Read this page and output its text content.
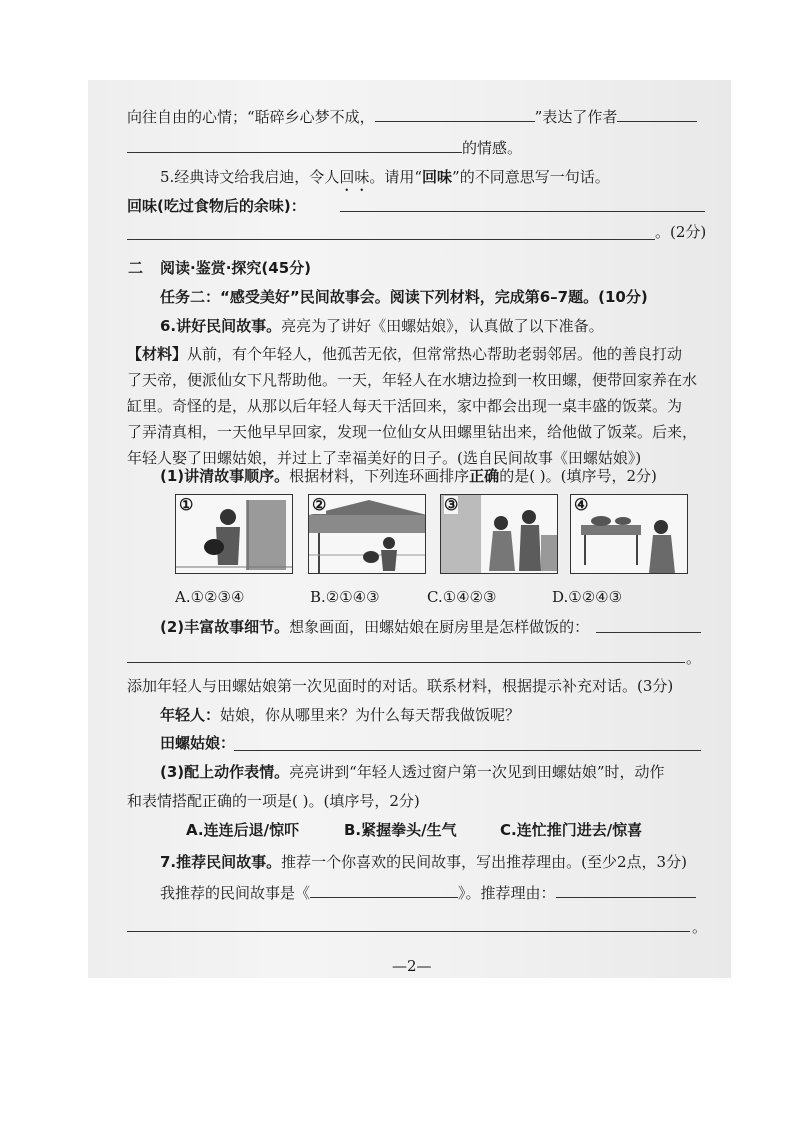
向往自由的心情；“聒碎乡心梦不成，	”表达了作者
的情感。
5.经典诗文给我启迪，令人回味。请用“回味”的不同意思写一句话。
回味(吃过食物后的余味)：
。(2分)
二 阅读·鉴赏·探究(45分)
任务二：“感受美好”民间故事会。阅读下列材料，完成第6–7题。(10分)
6.讲好民间故事。亮亮为了讲好《田螺姑娘》，认真做了以下准备。
【材料】从前，有个年轻人，他孤苦无依，但常常热心帮助老弱邻居。他的善良打动
了天帝，便派仙女下凡帮助他。一天，年轻人在水塘边捡到一枚田螺，便带回家养在水
缸里。奇怪的是，从那以后年轻人每天干活回来，家中都会出现一桌丰盛的饭菜。为
了弄清真相，一天他早早回家，发现一位仙女从田螺里钻出来，给他做了饭菜。后来，
年轻人娶了田螺姑娘，并过上了幸福美好的日子。(选自民间故事《田螺姑娘》)
(1)讲清故事顺序。根据材料，下列连环画排序正确的是( )。(填序号，2分)
①	②	③	④
A.①②③④	B.②①④③	C.①④②③	D.①②④③
(2)丰富故事细节。想象画面，田螺姑娘在厨房里是怎样做饭的：
。
添加年轻人与田螺姑娘第一次见面时的对话。联系材料，根据提示补充对话。(3分)
年轻人：姑娘，你从哪里来？为什么每天帮我做饭呢？
田螺姑娘：
(3)配上动作表情。亮亮讲到“年轻人透过窗户第一次见到田螺姑娘”时，动作
和表情搭配正确的一项是( )。(填序号，2分)
A.连连后退/惊吓	B.紧握拳头/生气	C.连忙推门进去/惊喜
7.推荐民间故事。推荐一个你喜欢的民间故事，写出推荐理由。(至少2点，3分)
我推荐的民间故事是《	》。推荐理由：
。
—2—
